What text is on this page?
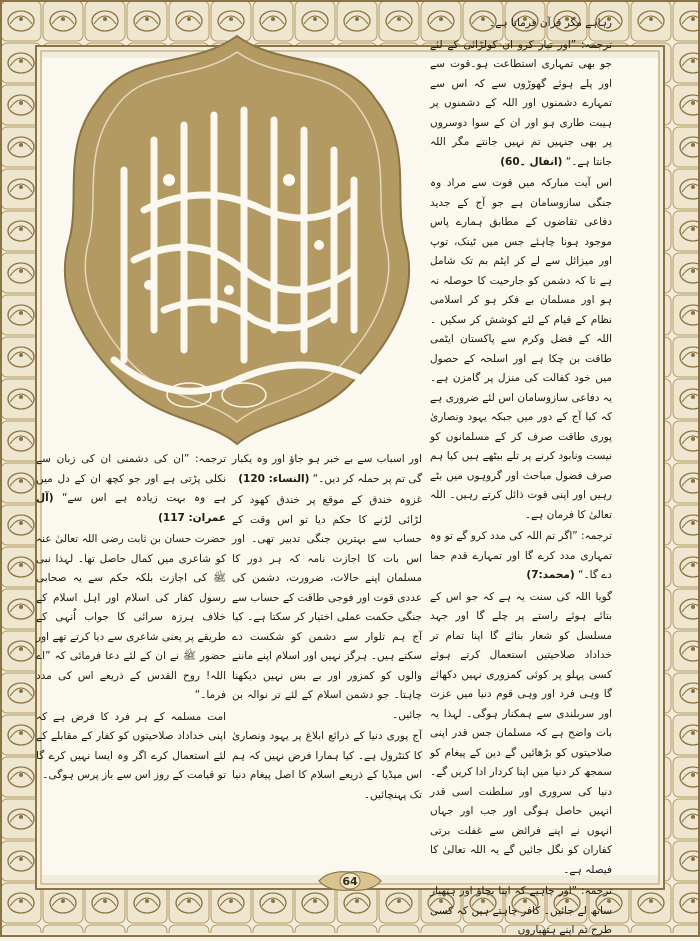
رہاہے مگر قرآن فرماتا ہے۔

ترجمہ: ”اور تیار کرو ان کولڑائی کے لئے جو بھی تمہاری استطاعت ہو۔قوت سے اور پلے ہوئے گھوڑوں سے کہ اس سے تمہارے دشمنوں اور اللہ کے دشمنوں پر ہیبت طاری ہو اور ان کے سوا دوسروں پر بھی جنہیں تم نہیں جانتے مگر اللہ جانتا ہے۔“ (انفال ۔60)

اس آیت مبارکہ میں قوت سے مراد وہ جنگی سازوسامان ہے جو آج کے جدید دفاعی تقاضوں کے مطابق ہمارے پاس موجود ہونا چاہئے جس میں ٹینک، توپ اور میزائل سے لے کر ایٹم بم تک شامل ہے تا کہ دشمن کو جارحیت کا حوصلہ نہ ہو اور مسلمان بے فکر ہو کر اسلامی نظام کے قیام کے لئے کوشش کر سکیں ۔اللہ کے فضل وکرم سے پاکستان ایٹمی طاقت بن چکا ہے اور اسلحہ کے حصول میں خود کفالت کی منزل پر گامزن ہے۔ یہ دفاعی سازوسامان اس لئے ضروری ہے کہ کیا آج کے دور میں جبکہ یہود ونصاریٰ پوری طاقت صرف کر کے مسلمانوں کو نیست ونابود کرنے پر تلے بیٹھے ہیں کیا ہم صرف فضول مباحث اور گروہوں میں بٹے رہیں اور اپنی قوت ذائل کرتے رہیں۔ اللہ تعالیٰ کا فرمان ہے۔

ترجمہ: ”اگر تم اللہ کی مدد کرو گے تو وہ تمہاری مدد کرے گا اور تمہارے قدم جما دے گا۔“ (محمد:7)

گویا اللہ کی سنت یہ ہے کہ جو اس کے بتائے ہوئے راستے پر چلے گا اور جہد مسلسل کو شعار بنائے گا اپنا تمام تر خداداد صلاحیتیں استعمال کرتے ہوئے کسی پہلو پر کوئی کمزوری نہیں دکھائے گا وہی فرد اور وہی قوم دنیا میں عزت اور سربلندی سے ہمکنار ہوگی۔ لہذا یہ بات واضح ہے کہ مسلمان جس قدر اپنی صلاحیتوں کو بڑھائیں گے دین کے پیغام کو سمجھ کر دنیا میں اپنا کردار ادا کریں گے۔ دنیا کی سروری اور سلطنت اسی قدر انہیں حاصل ہوگی اور جب اور جہاں انہوں نے اپنے فرائض سے غفلت برتی کفاران کو نگل جائیں گے یہ اللہ تعالیٰ کا فیصلہ ہے۔

ترجمہ: ”اور چاہیے کہ اپنا بچاؤ اور ہتھیار ساتھ لے جائیں۔ کافر چاہتے ہیں کہ کسی طرح تم اپنے ہتھیاروں

اور اسباب سے بے خبر ہو جاؤ اور وہ یکبار گی تم پر حملہ کر دیں۔“ (النساء: 120)

غزوہ خندق کے موقع پر خندق کھود کر لڑائی لڑنے کا حکم دیا تو اس وقت کے حساب سے بہترین جنگی تدبیر تھی۔ اور اس بات کا اجازت نامہ کہ ہر دور کا مسلمان اپنے حالات، ضرورت، دشمن کی عددی قوت اور فوجی طاقت کے حساب سے جنگی حکمت عملی اختیار کر سکتا ہے۔ کیا آج ہم تلوار سے دشمن کو شکست دے سکتے ہیں۔ ہرگز نہیں اور اسلام اپنے ماننے والوں کو کمزور اور بے بس نہیں دیکھنا چاہتا۔ جو دشمن اسلام کے لئے تر نوالہ بن جائیں۔

آج پوری دنیا کے ذرائع ابلاغ پر یہود ونصاریٰ کا کنٹرول ہے۔ کیا ہمارا فرض نہیں کہ ہم اس میڈیا کے ذریعے اسلام کا اصل پیغام دنیا تک پہنچائیں۔

ترجمہ: ”ان کی دشمنی ان کی زبان سے نکلی پڑتی ہے اور جو کچھ ان کے دل میں ہے وہ بہت زیادہ ہے اس سے“ (آل عمران: 117)

حضرت حسان بن ثابت رضی اللہ تعالیٰ عنہ کو شاعری میں کمال حاصل تھا۔ لہذا نبی ﷺ کی اجازت بلکہ حکم سے یہ صحابی رسول کفار کی اسلام اور اہل اسلام کے خلاف ہرزہ سرائی کا جواب اُنہی کے طریقے پر یعنی شاعری سے دیا کرتے تھے اور حضور ﷺ نے ان کے لئے دعا فرمائی کہ ”اے اللہ! روح القدس کے ذریعے اس کی مدد فرما۔“

امت مسلمہ کے ہر فرد کا فرض ہے کہ اپنی خداداد صلاحیتوں کو کفار کے مقابلے کے لئے استعمال کرے اگر وہ ایسا نہیں کرے گا تو قیامت کے روز اس سے باز پرس ہوگی۔

64
